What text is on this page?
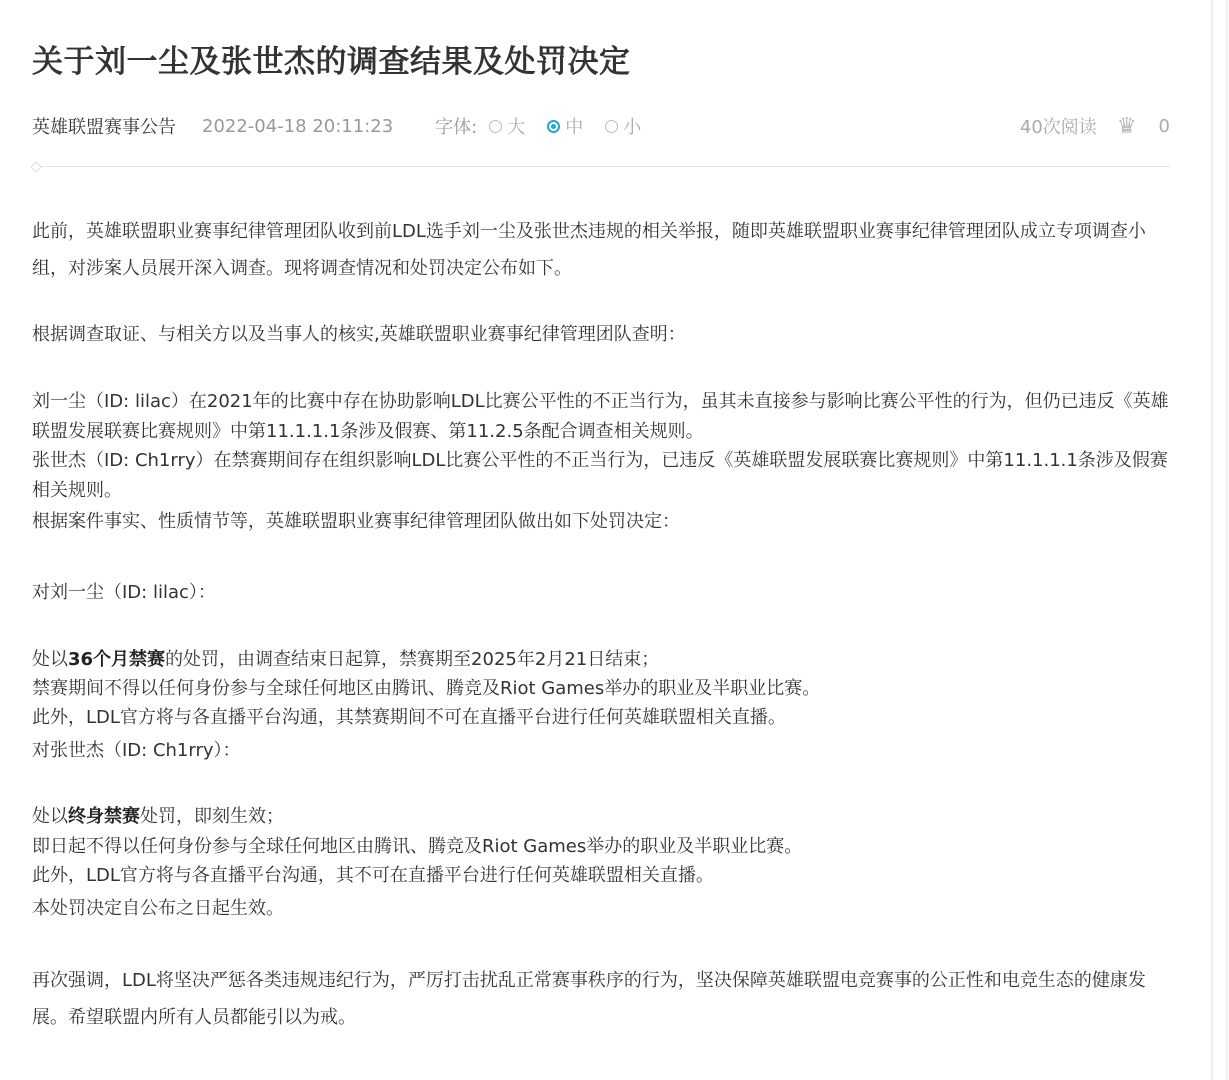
关于刘一尘及张世杰的调查结果及处罚决定
英雄联盟赛事公告 2022-04-18 20:11:23 字体: 大 中 小	40次阅读 ♛ 0

此前，英雄联盟职业赛事纪律管理团队收到前LDL选手刘一尘及张世杰违规的相关举报，随即英雄联盟职业赛事纪律管理团队成立专项调查小组，对涉案人员展开深入调查。现将调查情况和处罚决定公布如下。

根据调查取证、与相关方以及当事人的核实,英雄联盟职业赛事纪律管理团队查明：

刘一尘（ID: lilac）在2021年的比赛中存在协助影响LDL比赛公平性的不正当行为，虽其未直接参与影响比赛公平性的行为，但仍已违反《英雄联盟发展联赛比赛规则》中第11.1.1.1条涉及假赛、第11.2.5条配合调查相关规则。

张世杰（ID: Ch1rry）在禁赛期间存在组织影响LDL比赛公平性的不正当行为，已违反《英雄联盟发展联赛比赛规则》中第11.1.1.1条涉及假赛相关规则。

根据案件事实、性质情节等，英雄联盟职业赛事纪律管理团队做出如下处罚决定：

对刘一尘（ID: lilac）：

处以36个月禁赛的处罚，由调查结束日起算，禁赛期至2025年2月21日结束；

禁赛期间不得以任何身份参与全球任何地区由腾讯、腾竞及Riot Games举办的职业及半职业比赛。

此外，LDL官方将与各直播平台沟通，其禁赛期间不可在直播平台进行任何英雄联盟相关直播。

对张世杰（ID: Ch1rry）：

处以终身禁赛处罚，即刻生效；

即日起不得以任何身份参与全球任何地区由腾讯、腾竞及Riot Games举办的职业及半职业比赛。

此外，LDL官方将与各直播平台沟通，其不可在直播平台进行任何英雄联盟相关直播。

本处罚决定自公布之日起生效。

再次强调，LDL将坚决严惩各类违规违纪行为，严厉打击扰乱正常赛事秩序的行为，坚决保障英雄联盟电竞赛事的公正性和电竞生态的健康发展。希望联盟内所有人员都能引以为戒。
